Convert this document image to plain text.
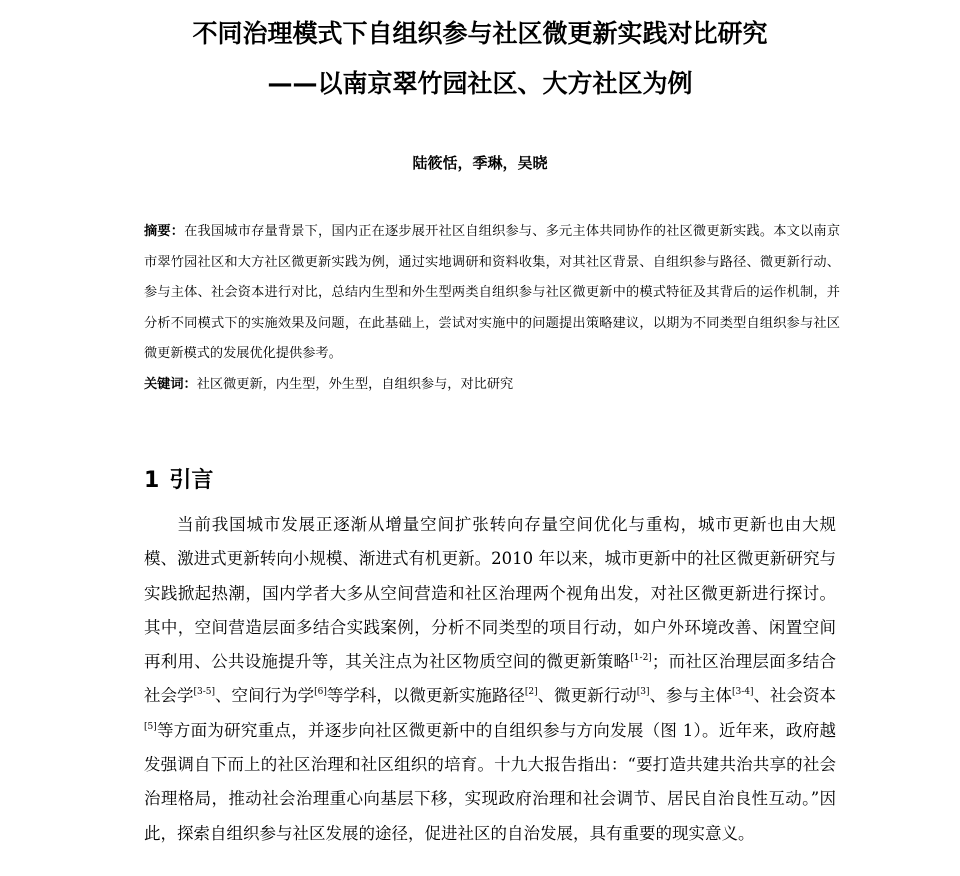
不同治理模式下自组织参与社区微更新实践对比研究
——以南京翠竹园社区、大方社区为例
陆筱恬，季琳，吴晓

摘要：在我国城市存量背景下，国内正在逐步展开社区自组织参与、多元主体共同协作的社区微更新实践。本文以南京市翠竹园社区和大方社区微更新实践为例，通过实地调研和资料收集，对其社区背景、自组织参与路径、微更新行动、参与主体、社会资本进行对比，总结内生型和外生型两类自组织参与社区微更新中的模式特征及其背后的运作机制，并分析不同模式下的实施效果及问题，在此基础上，尝试对实施中的问题提出策略建议，以期为不同类型自组织参与社区微更新模式的发展优化提供参考。

关键词：社区微更新，内生型，外生型，自组织参与，对比研究

1 引言

当前我国城市发展正逐渐从增量空间扩张转向存量空间优化与重构，城市更新也由大规模、激进式更新转向小规模、渐进式有机更新。2010 年以来，城市更新中的社区微更新研究与实践掀起热潮，国内学者大多从空间营造和社区治理两个视角出发，对社区微更新进行探讨。其中，空间营造层面多结合实践案例，分析不同类型的项目行动，如户外环境改善、闲置空间再利用、公共设施提升等，其关注点为社区物质空间的微更新策略[1-2]；而社区治理层面多结合社会学[3-5]、空间行为学[6]等学科，以微更新实施路径[2]、微更新行动[3]、参与主体[3-4]、社会资本[5]等方面为研究重点，并逐步向社区微更新中的自组织参与方向发展（图 1）。近年来，政府越发强调自下而上的社区治理和社区组织的培育。十九大报告指出：“要打造共建共治共享的社会治理格局，推动社会治理重心向基层下移，实现政府治理和社会调节、居民自治良性互动。”因此，探索自组织参与社区发展的途径，促进社区的自治发展，具有重要的现实意义。
